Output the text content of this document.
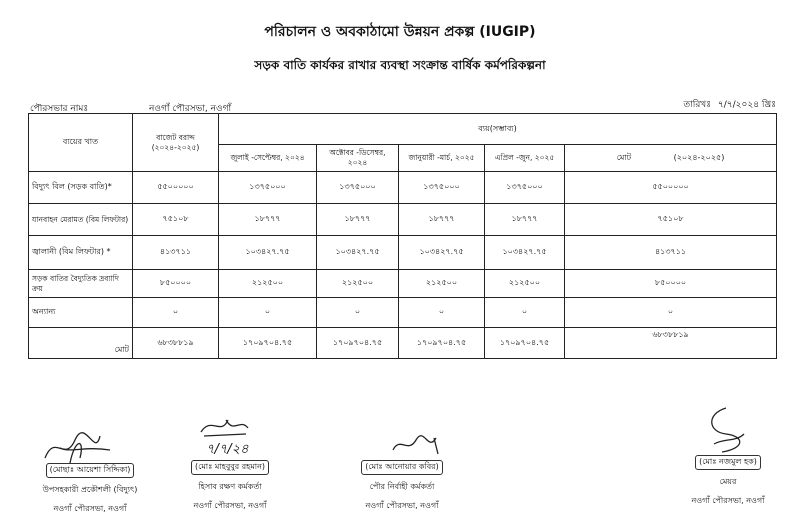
পরিচালন ও অবকাঠামো উন্নয়ন প্রকল্প (IUGIP)
সড়ক বাতি কার্যকর রাখার ব্যবস্থা সংক্রান্ত বার্ষিক কর্মপরিকল্পনা
পৌরসভার নামঃ	নওগাঁ পৌরসভা, নওগাঁ	তারিখঃ ৭/৭/২০২৪ খ্রিঃ
ব্যয়ের খাত	বাজেট বরাদ্দ (২০২৪-২০২৫)	ব্যয়(সম্ভাব্য)				
		জুলাই -সেপ্টেম্বর, ২০২৪	অক্টোবর -ডিসেম্বর, ২০২৪	জানুয়ারী -মার্চ, ২০২৫	এপ্রিল -জুন, ২০২৫	মোট (২০২৪-২০২৫)
বিদ্যুৎ বিল (সড়ক বাতি)*	৫৫০০০০০	১৩৭৫০০০	১৩৭৫০০০	১৩৭৫০০০	১৩৭৫০০০	৫৫০০০০০
যানবাহন মেরামত (বিম লিফটার)	৭৫১০৮	১৮৭৭৭	১৮৭৭৭	১৮৭৭৭	১৮৭৭৭	৭৫১০৮
জ্বালানী (বিম লিফটার) *	৪১৩৭১১	১০৩৪২৭.৭৫	১০৩৪২৭.৭৫	১০৩৪২৭.৭৫	১০৩৪২৭.৭৫	৪১৩৭১১
সড়ক বাতির বৈদ্যুতিক দ্রব্যাদি ক্রয়	৮৫০০০০	২১২৫০০	২১২৫০০	২১২৫০০	২১২৫০০	৮৫০০০০
অন্যান্য	০	০	০	০	০	০
মোট	৬৮৩৮৮১৯	১৭০৯৭০৪.৭৫	১৭০৯৭০৪.৭৫	১৭০৯৭০৪.৭৫	১৭০৯৭০৪.৭৫	৬৮৩৮৮১৯
৭/৭/২৪
(মোছাঃ আয়েশা সিদ্দিকা)
উপসহকারী প্রকৌশলী (বিদ্যুৎ)
নওগাঁ পৌরসভা, নওগাঁ
(মোঃ মাহবুবুর রহমান)
হিসাব রক্ষণ কর্মকর্তা
নওগাঁ পৌরসভা, নওগাঁ
(মোঃ আনোয়ার কবির)
পৌর নির্বাহী কর্মকর্তা
নওগাঁ পৌরসভা, নওগাঁ
(মোঃ নজমুল হক)
মেয়র
নওগাঁ পৌরসভা, নওগাঁ
